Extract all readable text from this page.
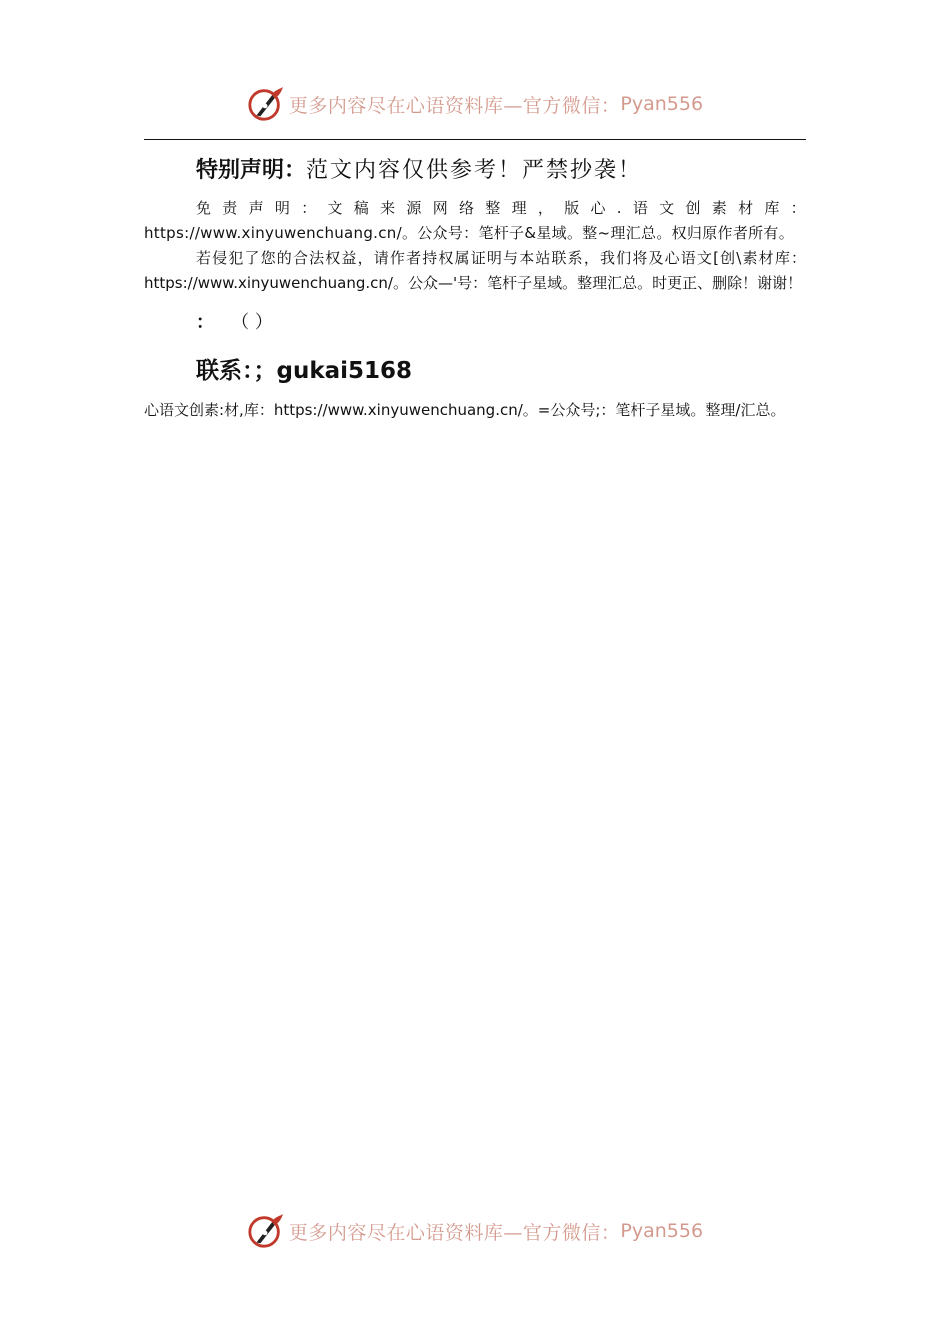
更多内容尽在心语资料库—官方微信： Pyan556
特别声明：范文内容仅供参考！严禁抄袭！

免责声明：文稿来源网络整理，版心.语文创素材库：https://www.xinyuwenchuang.cn/。公众号：笔杆子&星域。整~理汇总。权归原作者所有。

若侵犯了您的合法权益，请作者持权属证明与本站联系，我们将及心语文[创\素材库：https://www.xinyuwenchuang.cn/。公众—'号：笔杆子星域。整理汇总。时更正、删除！谢谢！

： （ ）
联系：；gukai5168

心语文创素:材,库：https://www.xinyuwenchuang.cn/。=公众号;：笔杆子星域。整理/汇总。

更多内容尽在心语资料库—官方微信： Pyan556
